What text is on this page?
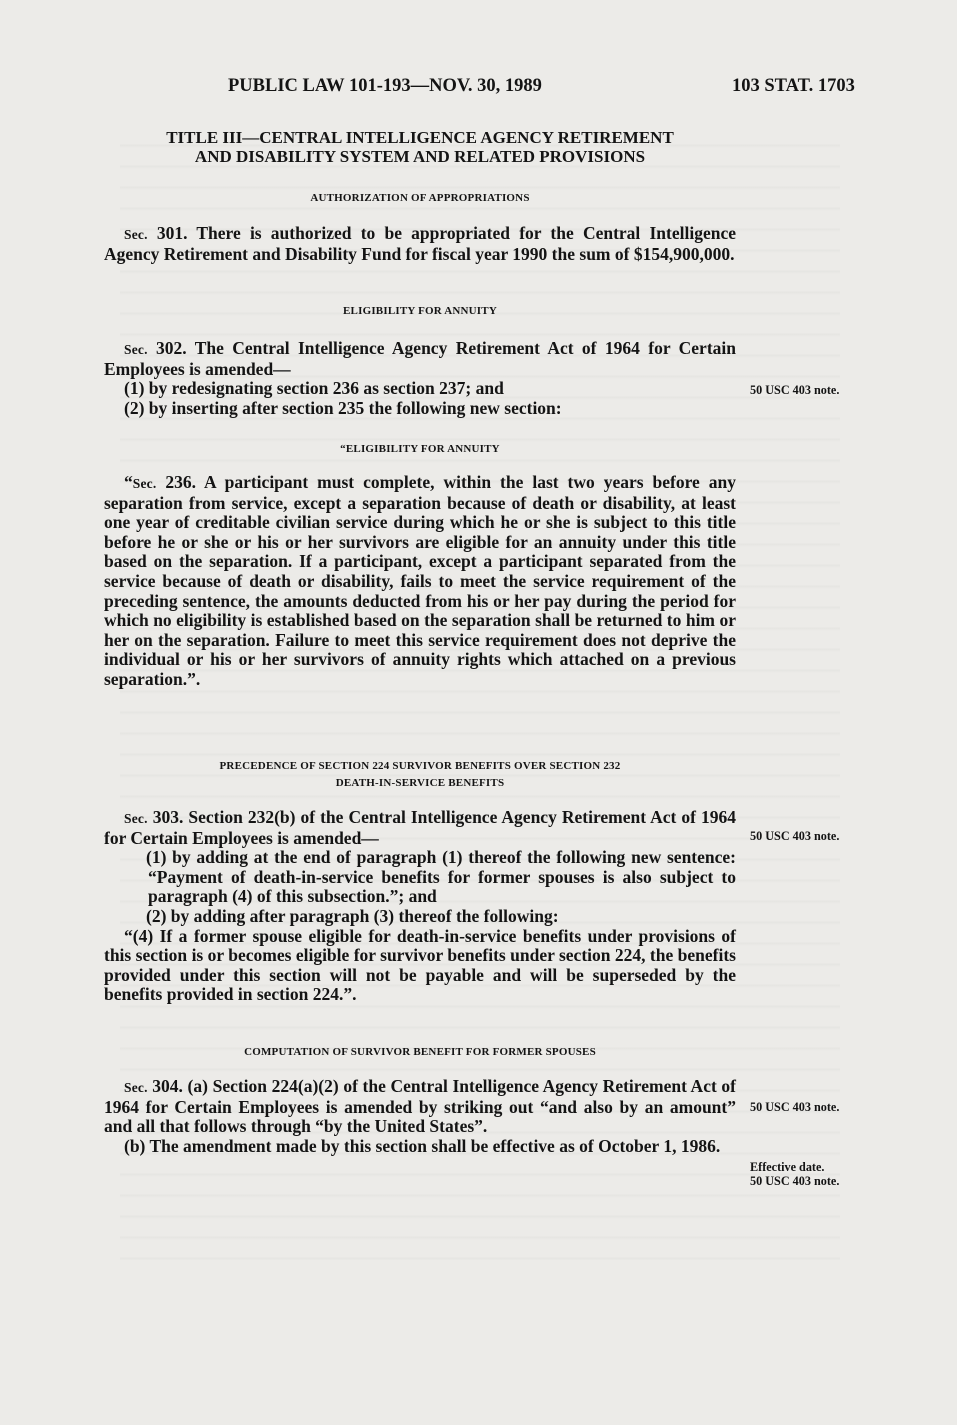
PUBLIC LAW 101-193—NOV. 30, 1989	103 STAT. 1703
TITLE III—CENTRAL INTELLIGENCE AGENCY RETIREMENT
AND DISABILITY SYSTEM AND RELATED PROVISIONS
AUTHORIZATION OF APPROPRIATIONS

Sec. 301. There is authorized to be appropriated for the Central Intelligence Agency Retirement and Disability Fund for fiscal year 1990 the sum of $154,900,000.

ELIGIBILITY FOR ANNUITY

Sec. 302. The Central Intelligence Agency Retirement Act of 1964 for Certain Employees is amended—

(1) by redesignating section 236 as section 237; and

(2) by inserting after section 235 the following new section:

50 USC 403 note.
“ELIGIBILITY FOR ANNUITY

“Sec. 236. A participant must complete, within the last two years before any separation from service, except a separation because of death or disability, at least one year of creditable civilian service during which he or she is subject to this title before he or she or his or her survivors are eligible for an annuity under this title based on the separation. If a participant, except a participant separated from the service because of death or disability, fails to meet the service requirement of the preceding sentence, the amounts deducted from his or her pay during the period for which no eligibility is established based on the separation shall be returned to him or her on the separation. Failure to meet this service requirement does not deprive the individual or his or her survivors of annuity rights which attached on a previous separation.”.

PRECEDENCE OF SECTION 224 SURVIVOR BENEFITS OVER SECTION 232
DEATH-IN-SERVICE BENEFITS

Sec. 303. Section 232(b) of the Central Intelligence Agency Retirement Act of 1964 for Certain Employees is amended—

(1) by adding at the end of paragraph (1) thereof the following new sentence: “Payment of death-in-service benefits for former spouses is also subject to paragraph (4) of this subsection.”; and

(2) by adding after paragraph (3) thereof the following:

“(4) If a former spouse eligible for death-in-service benefits under provisions of this section is or becomes eligible for survivor benefits under section 224, the benefits provided under this section will not be payable and will be superseded by the benefits provided in section 224.”.

50 USC 403 note.
COMPUTATION OF SURVIVOR BENEFIT FOR FORMER SPOUSES

Sec. 304. (a) Section 224(a)(2) of the Central Intelligence Agency Retirement Act of 1964 for Certain Employees is amended by striking out “and also by an amount” and all that follows through “by the United States”.

(b) The amendment made by this section shall be effective as of October 1, 1986.

50 USC 403 note.
Effective date.
50 USC 403 note.
